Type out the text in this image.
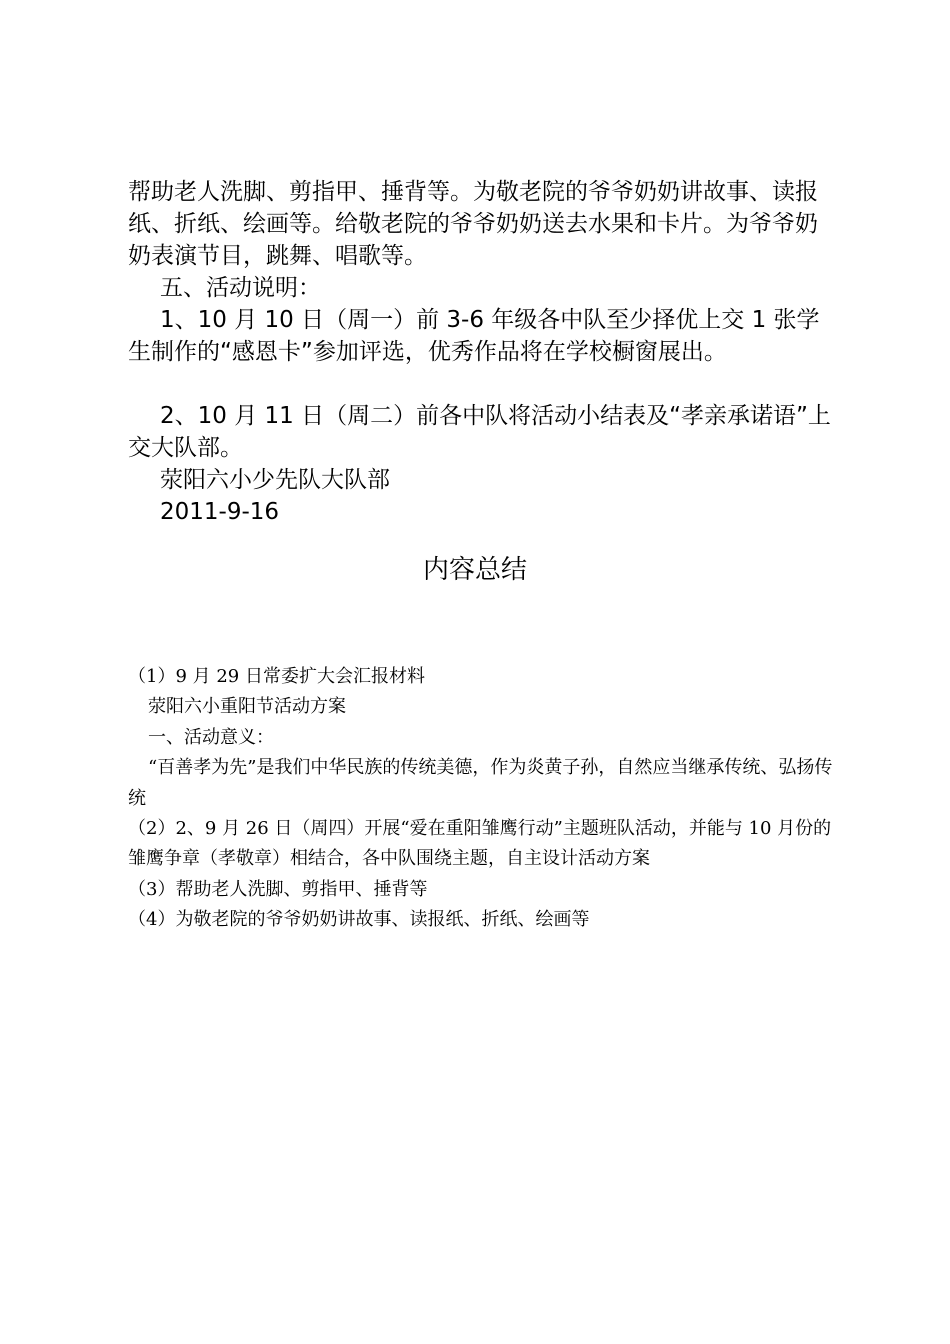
帮助老人洗脚、剪指甲、捶背等。为敬老院的爷爷奶奶讲故事、读报纸、折纸、绘画等。给敬老院的爷爷奶奶送去水果和卡片。为爷爷奶奶表演节目，跳舞、唱歌等。

五、活动说明：

1、10 月 10 日（周一）前 3-6 年级各中队至少择优上交 1 张学生制作的“感恩卡”参加评选，优秀作品将在学校橱窗展出。

2、10 月 11 日（周二）前各中队将活动小结表及“孝亲承诺语”上交大队部。

荥阳六小少先队大队部

2011-9-16

内容总结

（1）9 月 29 日常委扩大会汇报材料

荥阳六小重阳节活动方案

一、活动意义：

“百善孝为先”是我们中华民族的传统美德，作为炎黄子孙，自然应当继承传统、弘扬传统

（2）2、9 月 26 日（周四）开展“爱在重阳雏鹰行动”主题班队活动，并能与 10 月份的雏鹰争章（孝敬章）相结合，各中队围绕主题，自主设计活动方案

（3）帮助老人洗脚、剪指甲、捶背等

（4）为敬老院的爷爷奶奶讲故事、读报纸、折纸、绘画等
